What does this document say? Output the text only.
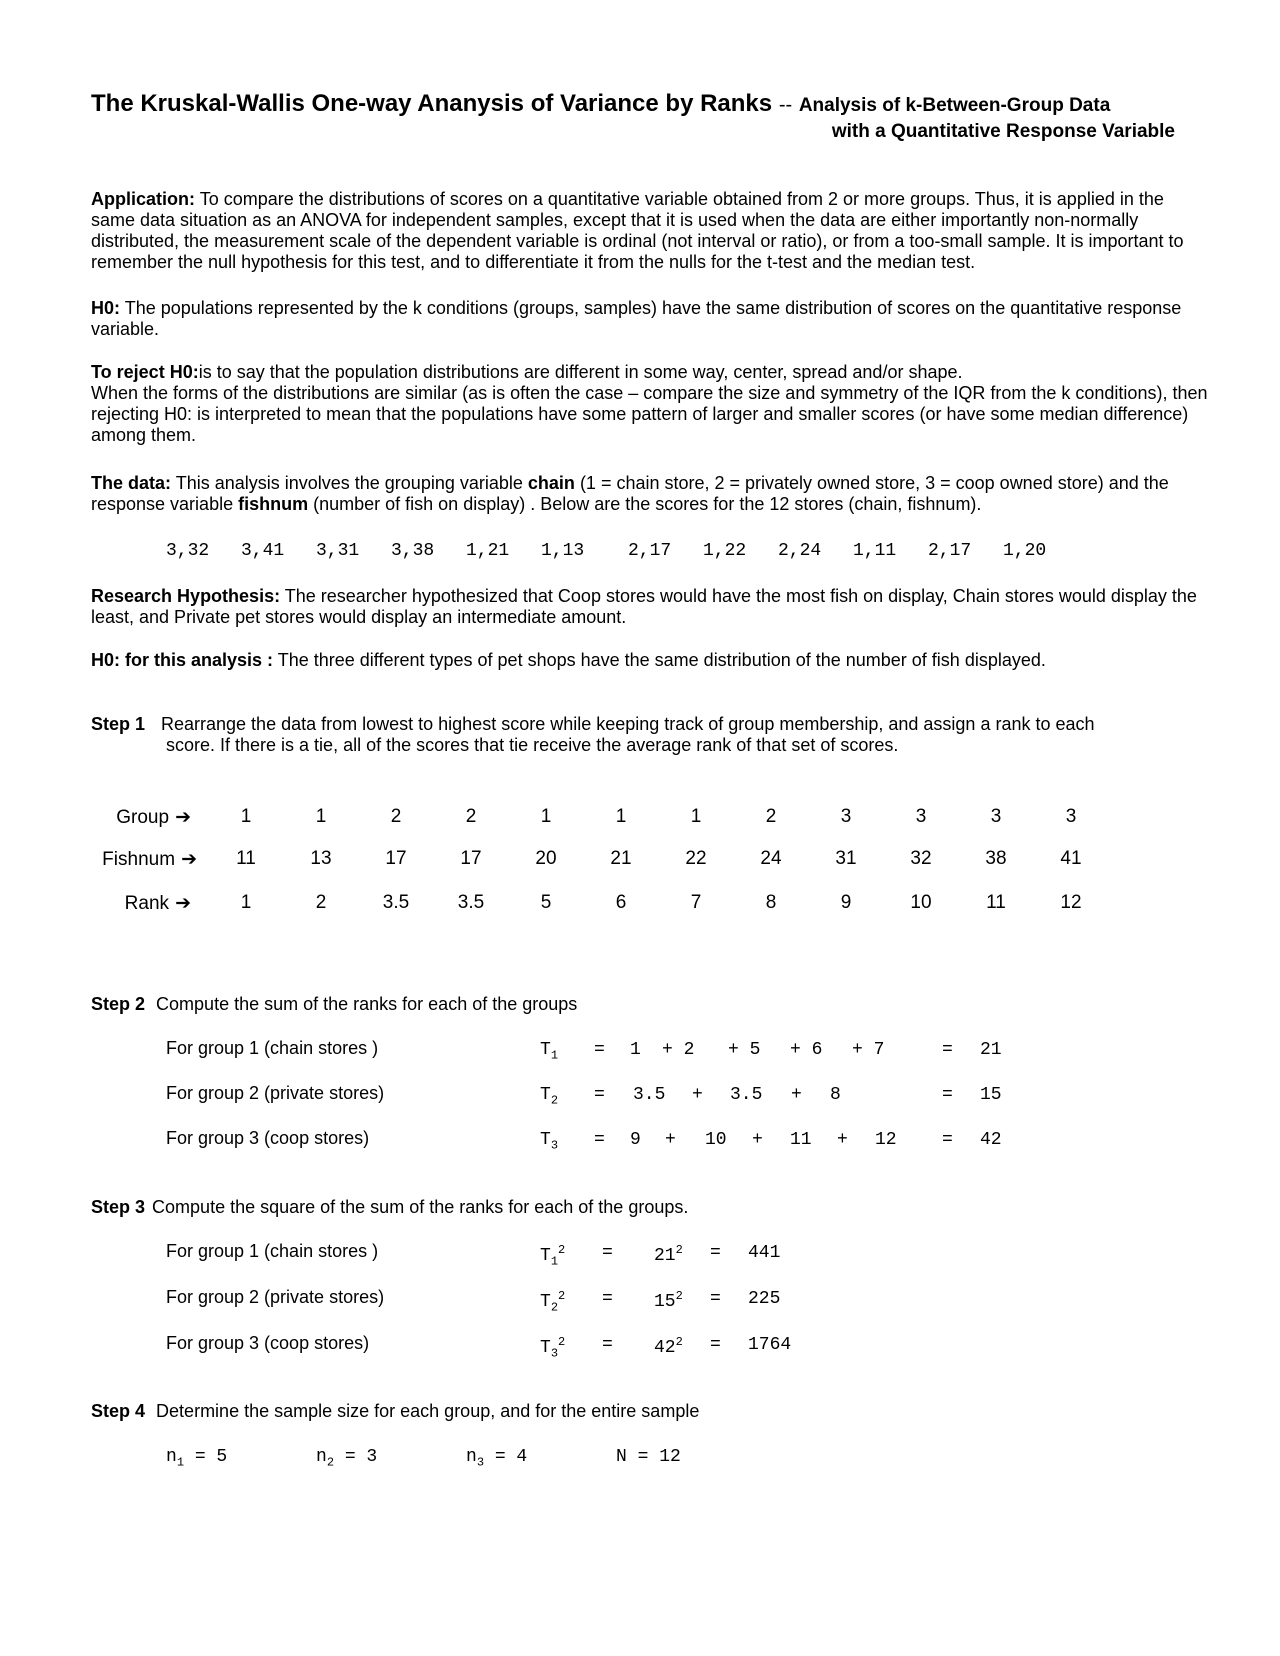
The Kruskal-Wallis One-way Ananysis of Variance by Ranks -- Analysis of k-Between-Group Data
with a Quantitative Response Variable
Application: To compare the distributions of scores on a quantitative variable obtained from 2 or more groups. Thus, it is applied in the same data situation as an ANOVA for independent samples, except that it is used when the data are either importantly non-normally distributed, the measurement scale of the dependent variable is ordinal (not interval or ratio), or from a too-small sample. It is important to remember the null hypothesis for this test, and to differentiate it from the nulls for the t-test and the median test.
H0: The populations represented by the k conditions (groups, samples) have the same distribution of scores on the quantitative response variable.
To reject H0:is to say that the population distributions are different in some way, center, spread and/or shape.
When the forms of the distributions are similar (as is often the case – compare the size and symmetry of the IQR from the k conditions), then rejecting H0: is interpreted to mean that the populations have some pattern of larger and smaller scores (or have some median difference) among them.
The data: This analysis involves the grouping variable chain (1 = chain store, 2 = privately owned store, 3 = coop owned store) and the response variable fishnum (number of fish on display) . Below are the scores for the 12 stores (chain, fishnum).
3,32 3,41 3,31 3,38 1,21 1,13 2,17 1,22 2,24 1,11 2,17 1,20
Research Hypothesis: The researcher hypothesized that Coop stores would have the most fish on display, Chain stores would display the least, and Private pet stores would display an intermediate amount.
H0: for this analysis : The three different types of pet shops have the same distribution of the number of fish displayed.
Step 1 Rearrange the data from lowest to highest score while keeping track of group membership, and assign a rank to each
score. If there is a tie, all of the scores that tie receive the average rank of that set of scores.
Group ➔	1	1	2	2	1	1	1	2	3	3	3	3
Fishnum ➔	11	13	17	17	20	21	22	24	31	32	38	41
Rank ➔	1	2	3.5	3.5	5	6	7	8	9	10	11	12
Step 2 Compute the sum of the ranks for each of the groups
For group 1 (chain stores )	$T_1 = 1 + 2 + 5 + 6 + 7$	= 21
For group 2 (private stores)	$T_2 = 3.5 + 3.5 + 8$	= 15
For group 3 (coop stores)	$T_3 = 9 + 10 + 11 + 12$	= 42
Step 3 Compute the square of the sum of the ranks for each of the groups.
For group 1 (chain stores )	$T_1^2 = 21^2 = 441$
For group 2 (private stores)	$T_2^2 = 15^2 = 225$
For group 3 (coop stores)	$T_3^2 = 42^2 = 1764$
Step 4 Determine the sample size for each group, and for the entire sample
$n_1 = 5$	$n_2 = 3$	$n_3 = 4$	N = 12
